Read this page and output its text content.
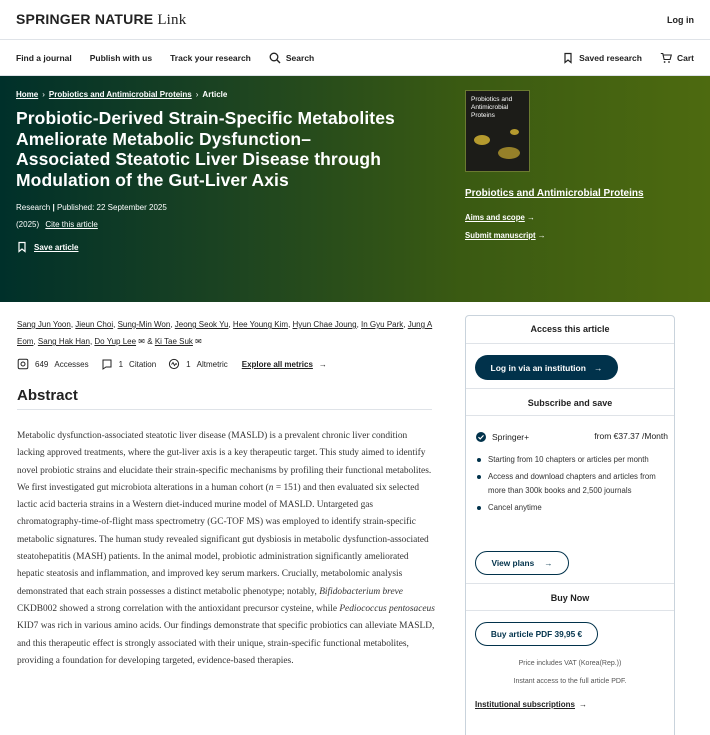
SPRINGER NATURE Link	Log in
Find a journal Publish with us Track your research	Search	Saved research	Cart
Home › Probiotics and Antimicrobial Proteins › Article
Probiotic-Derived Strain-Specific Metabolites Ameliorate Metabolic Dysfunction–Associated Steatotic Liver Disease through Modulation of the Gut-Liver Axis
Research | Published: 22 September 2025
(2025) Cite this article
Save article
Probiotics and Antimicrobial Proteins
Probiotics and Antimicrobial Proteins
Aims and scope →
Submit manuscript →
Sang Jun Yoon, Jieun Choi, Sung-Min Won, Jeong Seok Yu, Hee Young Kim, Hyun Chae Joung, In Gyu Park, Jung A Eom, Sang Hak Han, Do Yup Lee ✉ & Ki Tae Suk ✉
649 Accesses	1 Citation	1 Altmetric Explore all metrics →
Abstract
Metabolic dysfunction-associated steatotic liver disease (MASLD) is a prevalent chronic liver condition lacking approved treatments, where the gut-liver axis is a key therapeutic target. This study aimed to identify novel probiotic strains and elucidate their strain-specific mechanisms by profiling their functional metabolites. We first investigated gut microbiota alterations in a human cohort (n = 151) and then evaluated six selected lactic acid bacteria strains in a Western diet-induced murine model of MASLD. Untargeted gas chromatography-time-of-flight mass spectrometry (GC-TOF MS) was employed to identify strain-specific metabolic signatures. The human study revealed significant gut dysbiosis in metabolic dysfunction-associated steatohepatitis (MASH) patients. In the animal model, probiotic administration significantly ameliorated hepatic steatosis and inflammation, and improved key serum markers. Crucially, metabolomic analysis demonstrated that each strain possesses a distinct metabolic phenotype; notably, Bifidobacterium breve CKDB002 showed a strong correlation with the antioxidant precursor cysteine, while Pediococcus pentosaceus KID7 was rich in various amino acids. Our findings demonstrate that specific probiotics can alleviate MASLD, and this therapeutic effect is strongly associated with their unique, strain-specific functional metabolites, providing a foundation for developing targeted, evidence-based therapies.
Access this article
Log in via an institution →
Subscribe and save
Springer+	from €37.37 /Month
Starting from 10 chapters or articles per month
Access and download chapters and articles from more than 300k books and 2,500 journals
Cancel anytime
View plans →
Buy Now
Buy article PDF 39,95 €
Price includes VAT (Korea(Rep.))
Instant access to the full article PDF.
Institutional subscriptions →
